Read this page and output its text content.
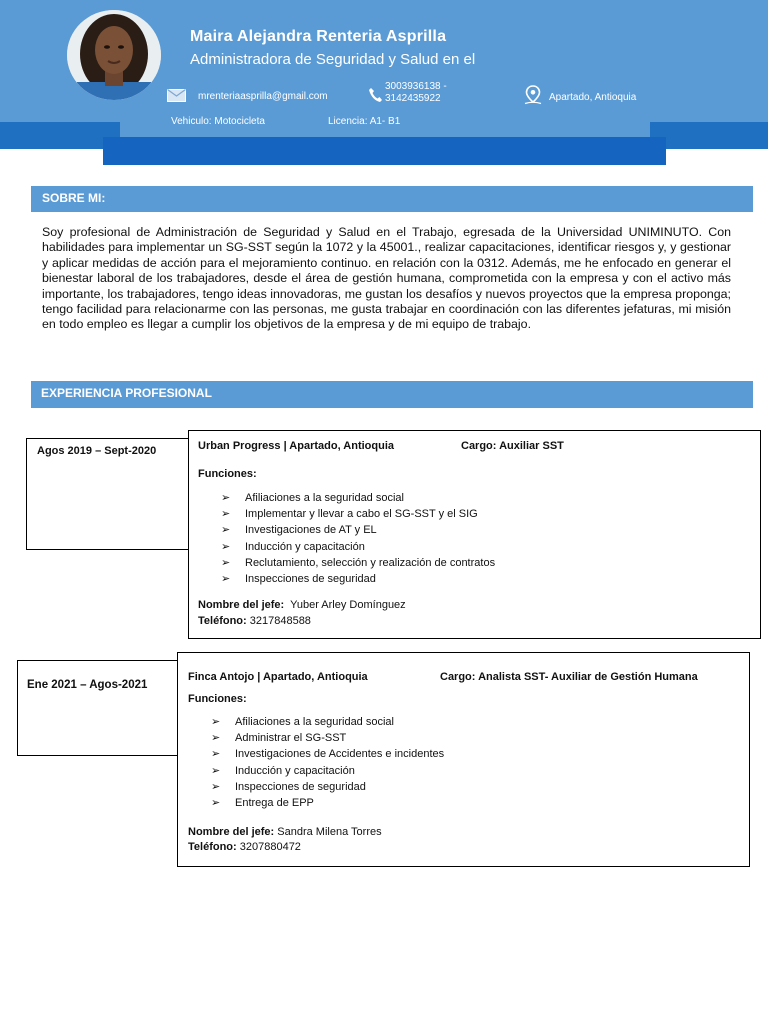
Maira Alejandra Renteria Asprilla
Administradora de Seguridad y Salud en el
mrenteriaasprilla@gmail.com
3003936138 -
3142435922	Apartado, Antioquia
Vehiculo: Motocicleta	Licencia: A1- B1
SOBRE MI:
Soy profesional de Administración de Seguridad y Salud en el Trabajo, egresada de la Universidad UNIMINUTO. Con habilidades para implementar un SG-SST según la 1072 y la 45001., realizar capacitaciones, identificar riesgos y, y gestionar y aplicar medidas de acción para el mejoramiento continuo. en relación con la 0312. Además, me he enfocado en generar el bienestar laboral de los trabajadores, desde el área de gestión humana, comprometida con la empresa y con el activo más importante, los trabajadores, tengo ideas innovadoras, me gustan los desafíos y nuevos proyectos que la empresa proponga; tengo facilidad para relacionarme con las personas, me gusta trabajar en coordinación con las diferentes jefaturas, mi misión en todo empleo es llegar a cumplir los objetivos de la empresa y de mi equipo de trabajo.
EXPERIENCIA PROFESIONAL
Agos 2019 – Sept-2020	Urban Progress | Apartado, Antioquia	Cargo: Auxiliar SST
Funciones:
➢ Afiliaciones a la seguridad social
➢ Implementar y llevar a cabo el SG-SST y el SIG
➢ Investigaciones de AT y EL
➢ Inducción y capacitación
➢ Reclutamiento, selección y realización de contratos
➢ Inspecciones de seguridad
Nombre del jefe: Yuber Arley Domínguez
Teléfono: 3217848588
Ene 2021 – Agos-2021
Finca Antojo | Apartado, Antioquia	Cargo: Analista SST- Auxiliar de Gestión Humana
Funciones:
➢ Afiliaciones a la seguridad social
➢ Administrar el SG-SST
➢ Investigaciones de Accidentes e incidentes
➢ Inducción y capacitación
➢ Inspecciones de seguridad
➢ Entrega de EPP
Nombre del jefe: Sandra Milena Torres
Teléfono: 3207880472
